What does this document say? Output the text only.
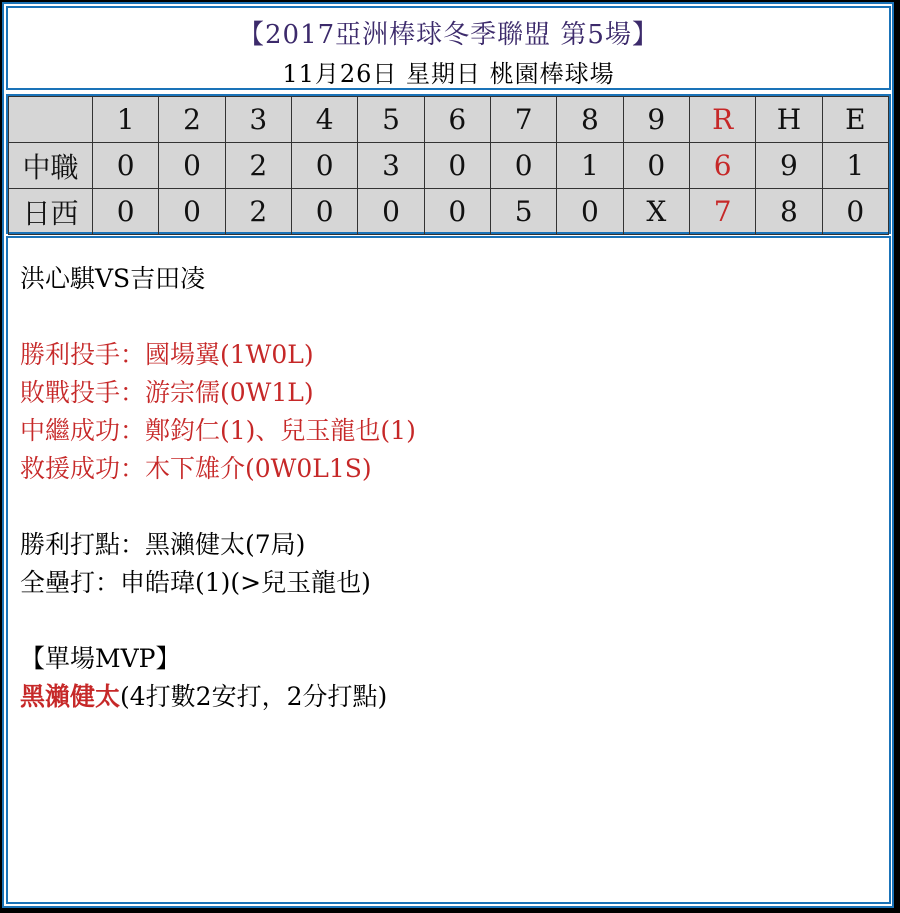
【2017亞洲棒球冬季聯盟 第5場】
11月26日 星期日 桃園棒球場
	1	2	3	4	5	6	7	8	9	R	H	E
中職	0	0	2	0	3	0	0	1	0	6	9	1
日西	0	0	2	0	0	0	5	0	X	7	8	0
洪心騏VS吉田凌
勝利投手：國場翼(1W0L)
敗戰投手：游宗儒(0W1L)
中繼成功：鄭鈞仁(1)、兒玉龍也(1)
救援成功：木下雄介(0W0L1S)
勝利打點：黑瀨健太(7局)
全壘打：申皓瑋(1)(>兒玉龍也)
【單場MVP】
黑瀨健太(4打數2安打，2分打點)
